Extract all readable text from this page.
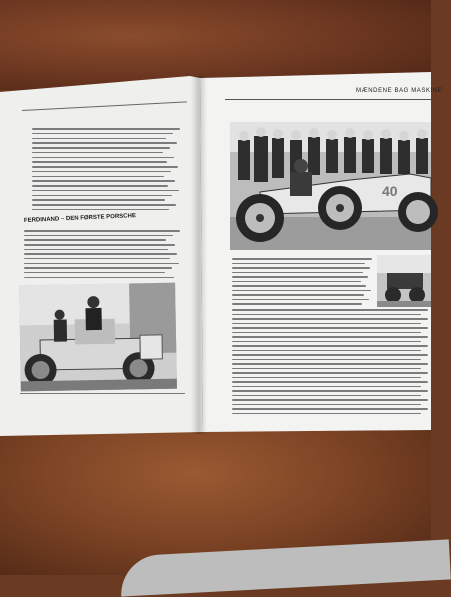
MÆNDENE BAG MASKINE
FERDINAND – DEN FØRSTE PORSCHE
40
